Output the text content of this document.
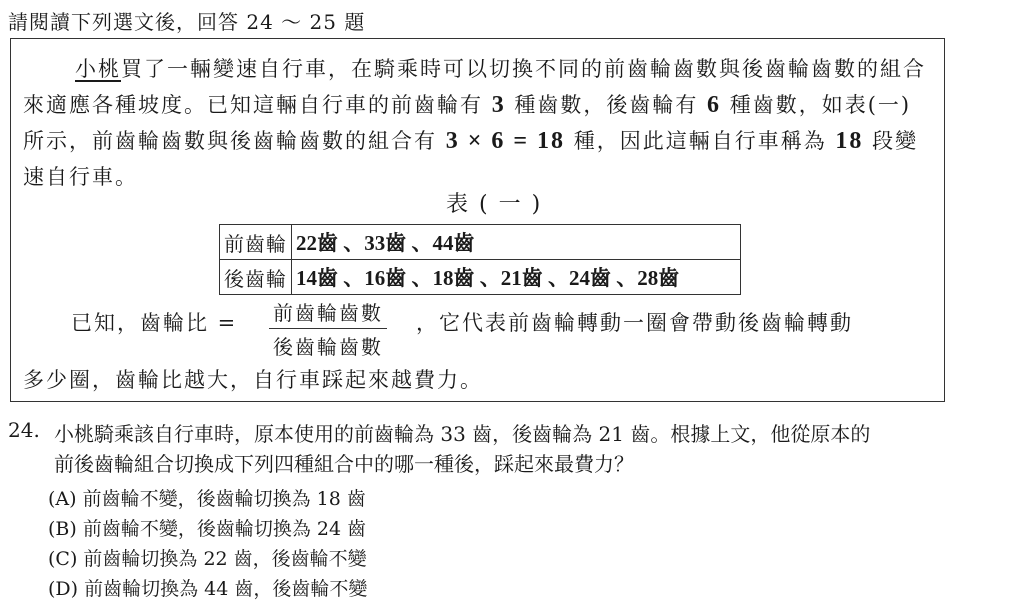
請閱讀下列選文後，回答 24 ～ 25 題
小桃買了一輛變速自行車，在騎乘時可以切換不同的前齒輪齒數與後齒輪齒數的組合來適應各種坡度。已知這輛自行車的前齒輪有 3 種齒數，後齒輪有 6 種齒數，如表(一)所示，前齒輪齒數與後齒輪齒數的組合有 3 × 6 = 18 種，因此這輛自行車稱為 18 段變速自行車。
表 ( 一 )
前齒輪	22齒 、33齒 、44齒
後齒輪	14齒 、16齒 、18齒 、21齒 、24齒 、28齒
已知，齒輪比 = 前齒輪齒數
後齒輪齒數
，它代表前齒輪轉動一圈會帶動後齒輪轉動
多少圈，齒輪比越大，自行車踩起來越費力。
24. 小桃騎乘該自行車時，原本使用的前齒輪為 33 齒，後齒輪為 21 齒。根據上文，他從原本的
前後齒輪組合切換成下列四種組合中的哪一種後，踩起來最費力？
(A) 前齒輪不變，後齒輪切換為 18 齒
(B) 前齒輪不變，後齒輪切換為 24 齒
(C) 前齒輪切換為 22 齒，後齒輪不變
(D) 前齒輪切換為 44 齒，後齒輪不變
